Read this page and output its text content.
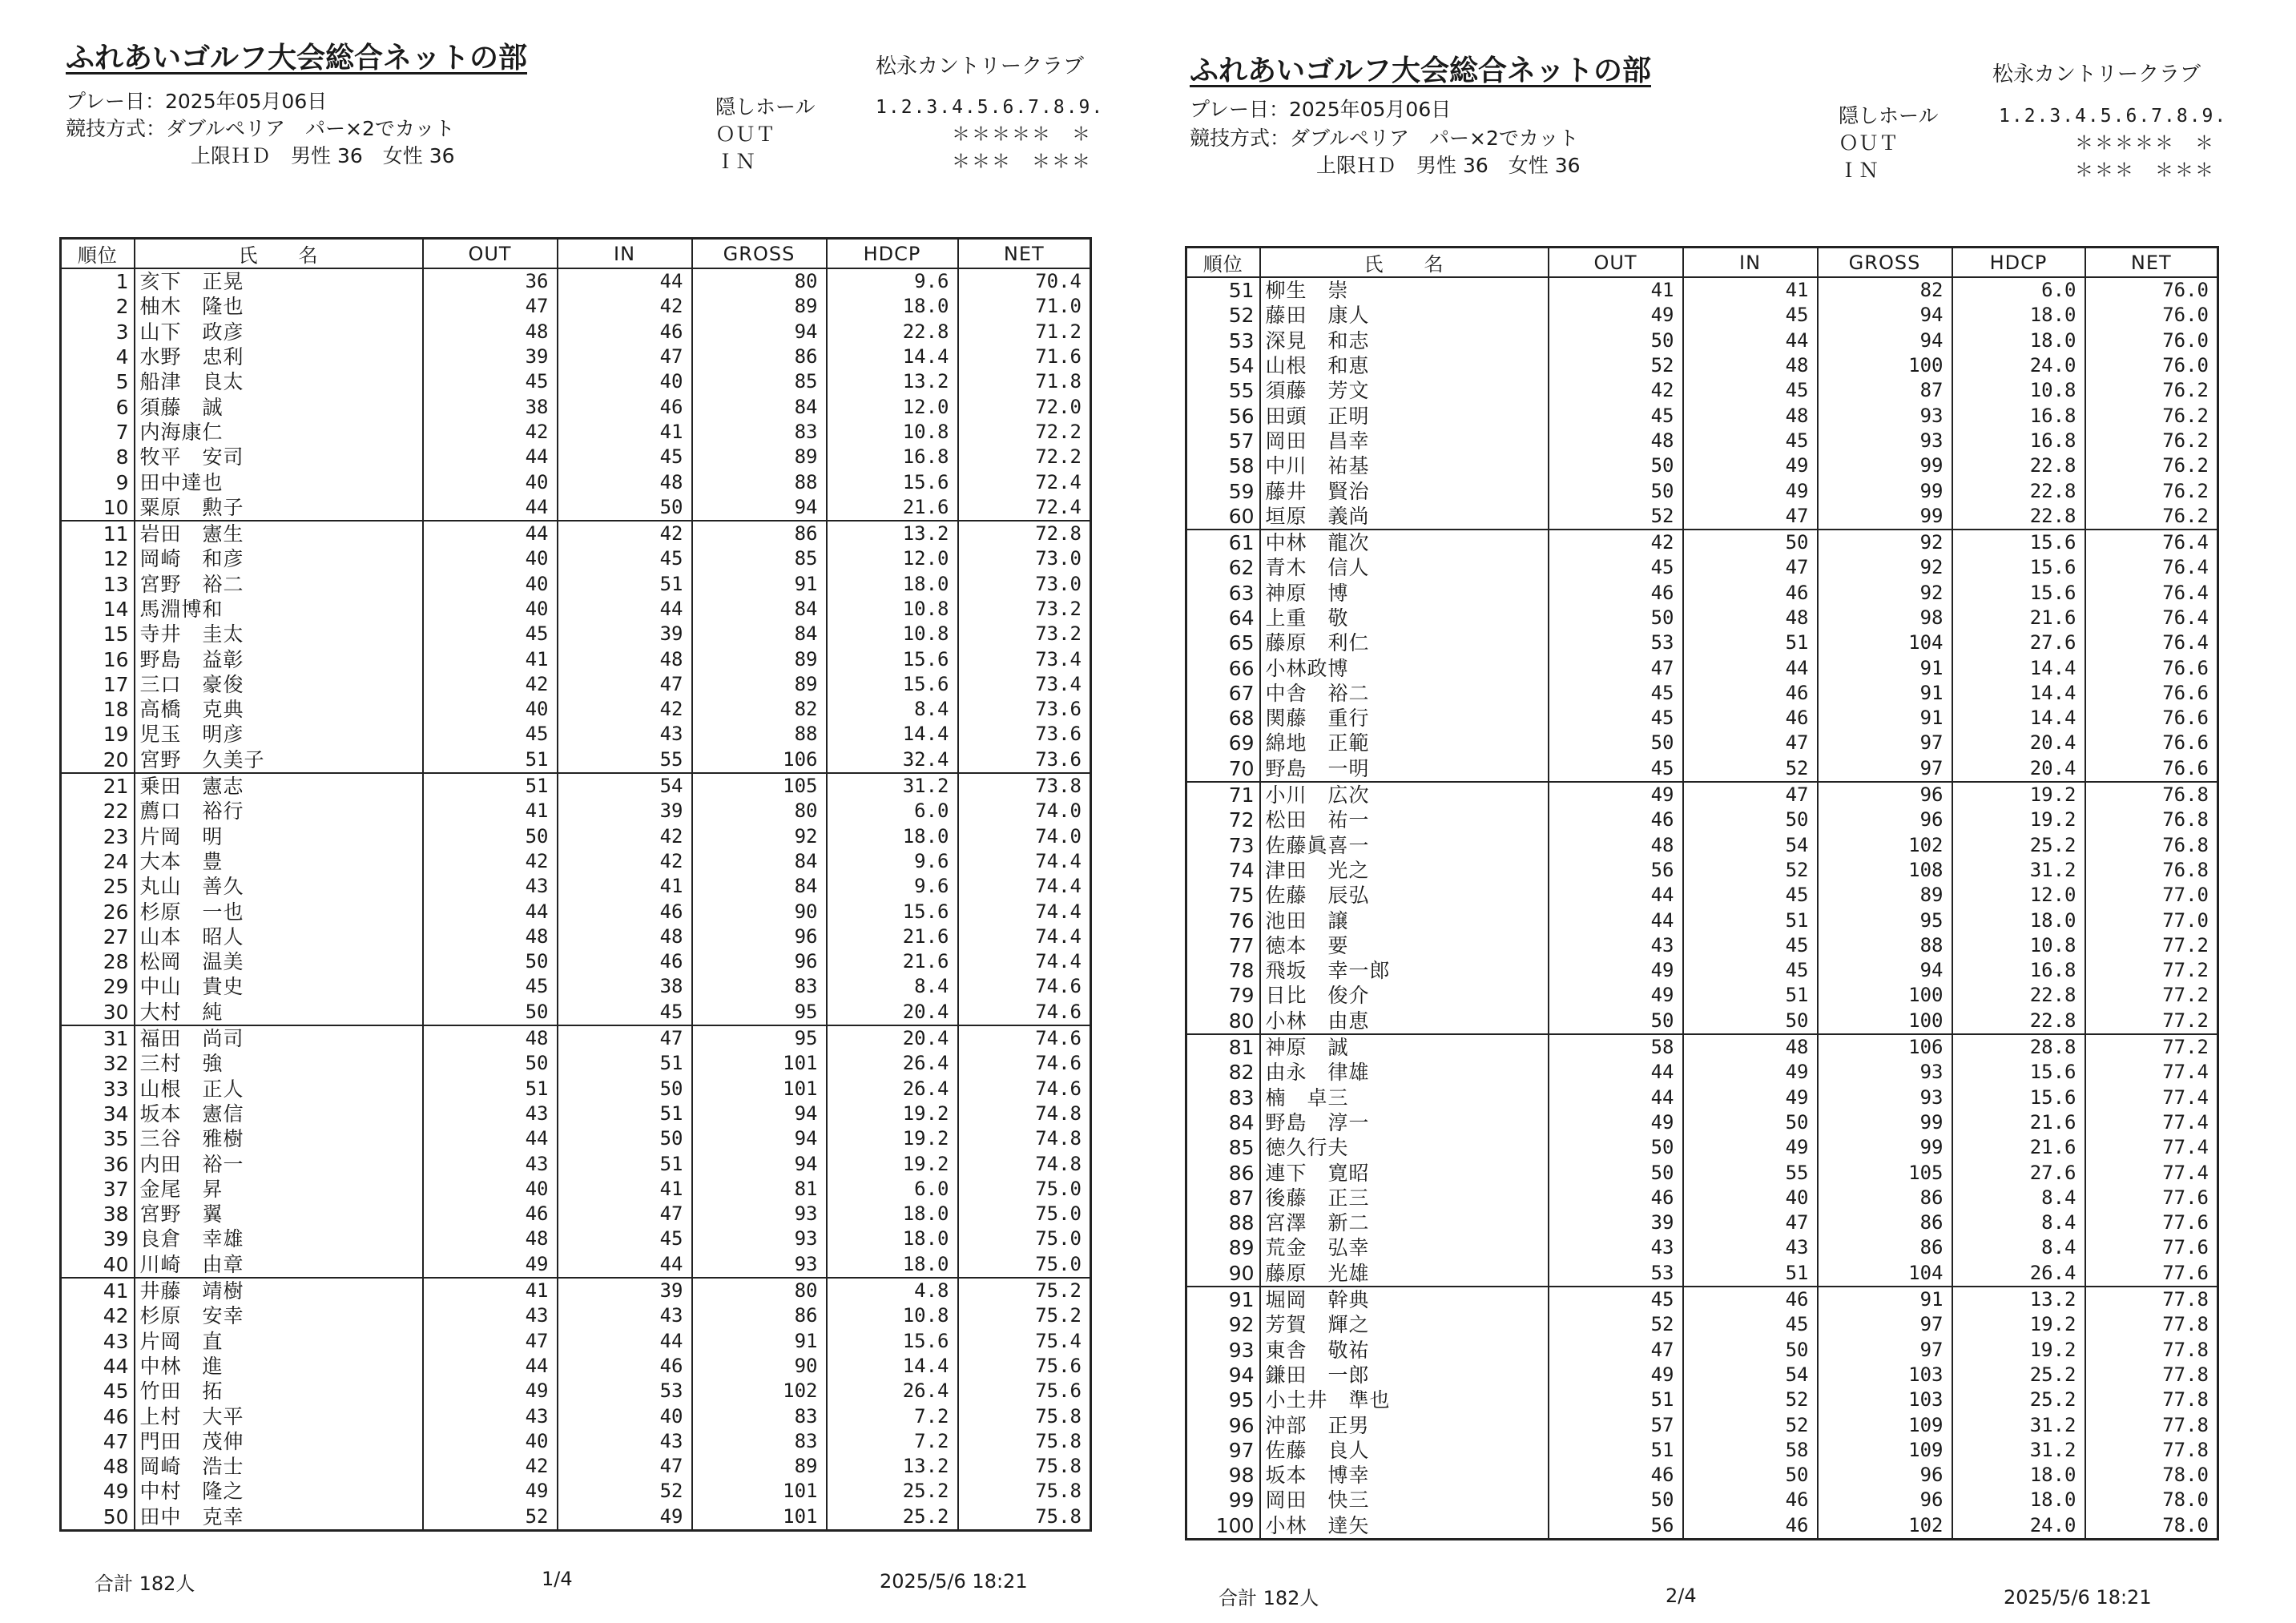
ふれあいゴルフ大会総合ネットの部	松永カントリークラブ
プレー日：2025年05月06日
競技方式：ダブルペリア　パー×2でカット
上限ＨＤ　男性 36　女性 36
隠しホール	1.2.3.4.5.6.7.8.9.
ＯＵＴ	＊＊＊＊＊　＊
ＩＮ	＊＊＊　＊＊＊
順位	氏　　名	OUT	IN	GROSS	HDCP	NET
1	亥下　正晃	36	44	80	9.6	70.4
2	柚木　隆也	47	42	89	18.0	71.0
3	山下　政彦	48	46	94	22.8	71.2
4	水野　忠利	39	47	86	14.4	71.6
5	船津　良太	45	40	85	13.2	71.8
6	須藤　誠	38	46	84	12.0	72.0
7	内海康仁	42	41	83	10.8	72.2
8	牧平　安司	44	45	89	16.8	72.2
9	田中達也	40	48	88	15.6	72.4
10	粟原　勲子	44	50	94	21.6	72.4
11	岩田　憲生	44	42	86	13.2	72.8
12	岡崎　和彦	40	45	85	12.0	73.0
13	宮野　裕二	40	51	91	18.0	73.0
14	馬淵博和	40	44	84	10.8	73.2
15	寺井　圭太	45	39	84	10.8	73.2
16	野島　益彰	41	48	89	15.6	73.4
17	三口　豪俊	42	47	89	15.6	73.4
18	高橋　克典	40	42	82	8.4	73.6
19	児玉　明彦	45	43	88	14.4	73.6
20	宮野　久美子	51	55	106	32.4	73.6
21	乗田　憲志	51	54	105	31.2	73.8
22	薦口　裕行	41	39	80	6.0	74.0
23	片岡　明	50	42	92	18.0	74.0
24	大本　豊	42	42	84	9.6	74.4
25	丸山　善久	43	41	84	9.6	74.4
26	杉原　一也	44	46	90	15.6	74.4
27	山本　昭人	48	48	96	21.6	74.4
28	松岡　温美	50	46	96	21.6	74.4
29	中山　貴史	45	38	83	8.4	74.6
30	大村　純	50	45	95	20.4	74.6
31	福田　尚司	48	47	95	20.4	74.6
32	三村　強	50	51	101	26.4	74.6
33	山根　正人	51	50	101	26.4	74.6
34	坂本　憲信	43	51	94	19.2	74.8
35	三谷　雅樹	44	50	94	19.2	74.8
36	内田　裕一	43	51	94	19.2	74.8
37	金尾　昇	40	41	81	6.0	75.0
38	宮野　翼	46	47	93	18.0	75.0
39	良倉　幸雄	48	45	93	18.0	75.0
40	川崎　由章	49	44	93	18.0	75.0
41	井藤　靖樹	41	39	80	4.8	75.2
42	杉原　安幸	43	43	86	10.8	75.2
43	片岡　直	47	44	91	15.6	75.4
44	中林　進	44	46	90	14.4	75.6
45	竹田　拓	49	53	102	26.4	75.6
46	上村　大平	43	40	83	7.2	75.8
47	門田　茂伸	40	43	83	7.2	75.8
48	岡崎　浩士	42	47	89	13.2	75.8
49	中村　隆之	49	52	101	25.2	75.8
50	田中　克幸	52	49	101	25.2	75.8
合計 182人	1/4	2025/5/6 18:21
ふれあいゴルフ大会総合ネットの部	松永カントリークラブ
プレー日：2025年05月06日
競技方式：ダブルペリア　パー×2でカット
上限ＨＤ　男性 36　女性 36
隠しホール	1.2.3.4.5.6.7.8.9.
ＯＵＴ	＊＊＊＊＊　＊
ＩＮ	＊＊＊　＊＊＊
順位	氏　　名	OUT	IN	GROSS	HDCP	NET
51	柳生　崇	41	41	82	6.0	76.0
52	藤田　康人	49	45	94	18.0	76.0
53	深見　和志	50	44	94	18.0	76.0
54	山根　和恵	52	48	100	24.0	76.0
55	須藤　芳文	42	45	87	10.8	76.2
56	田頭　正明	45	48	93	16.8	76.2
57	岡田　昌幸	48	45	93	16.8	76.2
58	中川　祐基	50	49	99	22.8	76.2
59	藤井　賢治	50	49	99	22.8	76.2
60	垣原　義尚	52	47	99	22.8	76.2
61	中林　龍次	42	50	92	15.6	76.4
62	青木　信人	45	47	92	15.6	76.4
63	神原　博	46	46	92	15.6	76.4
64	上重　敬	50	48	98	21.6	76.4
65	藤原　利仁	53	51	104	27.6	76.4
66	小林政博	47	44	91	14.4	76.6
67	中舎　裕二	45	46	91	14.4	76.6
68	関藤　重行	45	46	91	14.4	76.6
69	綿地　正範	50	47	97	20.4	76.6
70	野島　一明	45	52	97	20.4	76.6
71	小川　広次	49	47	96	19.2	76.8
72	松田　祐一	46	50	96	19.2	76.8
73	佐藤眞喜一	48	54	102	25.2	76.8
74	津田　光之	56	52	108	31.2	76.8
75	佐藤　辰弘	44	45	89	12.0	77.0
76	池田　譲	44	51	95	18.0	77.0
77	徳本　要	43	45	88	10.8	77.2
78	飛坂　幸一郎	49	45	94	16.8	77.2
79	日比　俊介	49	51	100	22.8	77.2
80	小林　由恵	50	50	100	22.8	77.2
81	神原　誠	58	48	106	28.8	77.2
82	由永　律雄	44	49	93	15.6	77.4
83	楠　卓三	44	49	93	15.6	77.4
84	野島　淳一	49	50	99	21.6	77.4
85	徳久行夫	50	49	99	21.6	77.4
86	連下　寛昭	50	55	105	27.6	77.4
87	後藤　正三	46	40	86	8.4	77.6
88	宮澤　新二	39	47	86	8.4	77.6
89	荒金　弘幸	43	43	86	8.4	77.6
90	藤原　光雄	53	51	104	26.4	77.6
91	堀岡　幹典	45	46	91	13.2	77.8
92	芳賀　輝之	52	45	97	19.2	77.8
93	東舎　敬祐	47	50	97	19.2	77.8
94	鎌田　一郎	49	54	103	25.2	77.8
95	小土井　準也	51	52	103	25.2	77.8
96	沖部　正男	57	52	109	31.2	77.8
97	佐藤　良人	51	58	109	31.2	77.8
98	坂本　博幸	46	50	96	18.0	78.0
99	岡田　快三	50	46	96	18.0	78.0
100	小林　達矢	56	46	102	24.0	78.0
合計 182人	2/4	2025/5/6 18:21
